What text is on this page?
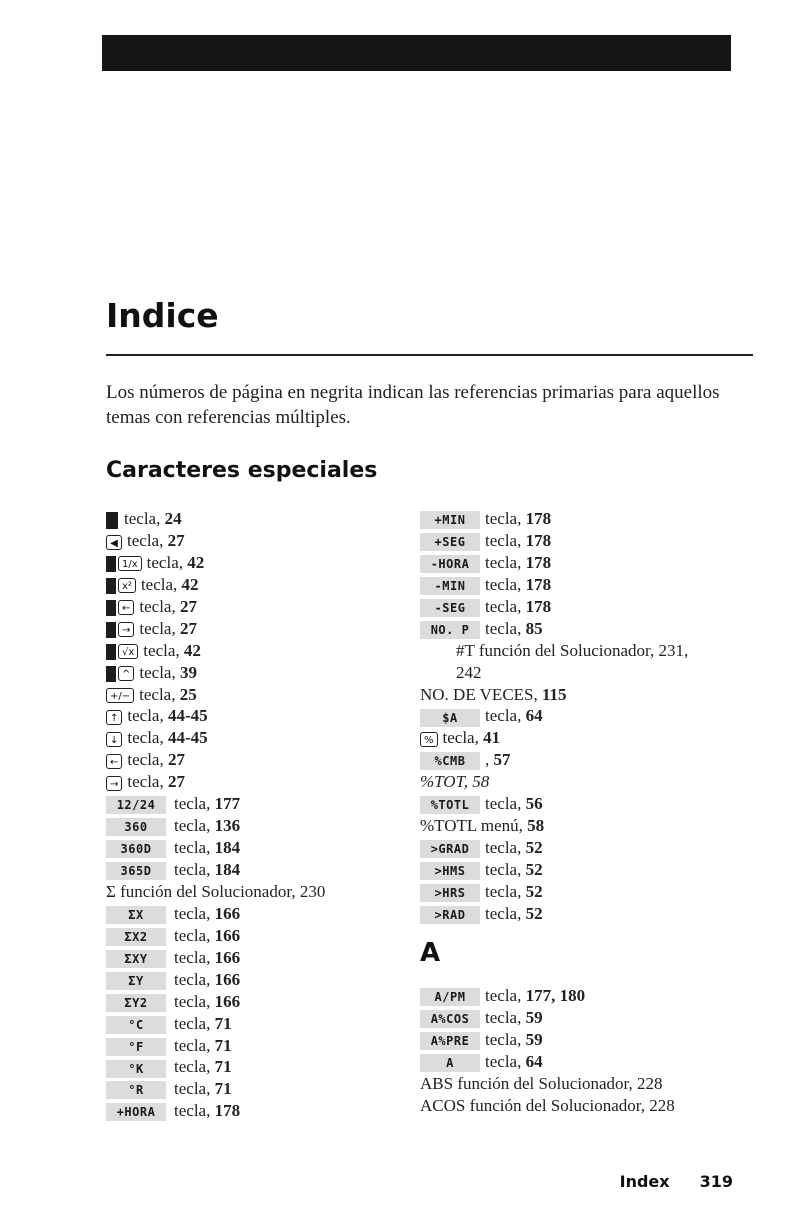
Indice

Los números de página en negrita indican las referencias primarias para aquellos temas con referencias múltiples.

Caracteres especiales
tecla, 24
◀ tecla, 27
1/x tecla, 42
x² tecla, 42
← tecla, 27
→ tecla, 27
√x tecla, 42
^ tecla, 39
+/− tecla, 25
↑ tecla, 44-45
↓ tecla, 44-45
← tecla, 27
→ tecla, 27
12/24 tecla, 177
360 tecla, 136
360D tecla, 184
365D tecla, 184
Σ función del Solucionador, 230
ΣX tecla, 166
ΣX2 tecla, 166
ΣXY tecla, 166
ΣY tecla, 166
ΣY2 tecla, 166
°C tecla, 71
°F tecla, 71
°K tecla, 71
°R tecla, 71
+HORA tecla, 178
+MIN tecla, 178
+SEG tecla, 178
-HORA tecla, 178
-MIN tecla, 178
-SEG tecla, 178
NO. P tecla, 85
#T función del Solucionador, 231,
242
NO. DE VECES, 115
$A tecla, 64
% tecla, 41
%CMB , 57
%TOT, 58
%TOTL tecla, 56
%TOTL menú, 58
>GRAD tecla, 52
>HMS tecla, 52
>HRS tecla, 52
>RAD tecla, 52
A
A/PM tecla, 177, 180
A%COS tecla, 59
A%PRE tecla, 59
A tecla, 64
ABS función del Solucionador, 228
ACOS función del Solucionador, 228
Index 319
